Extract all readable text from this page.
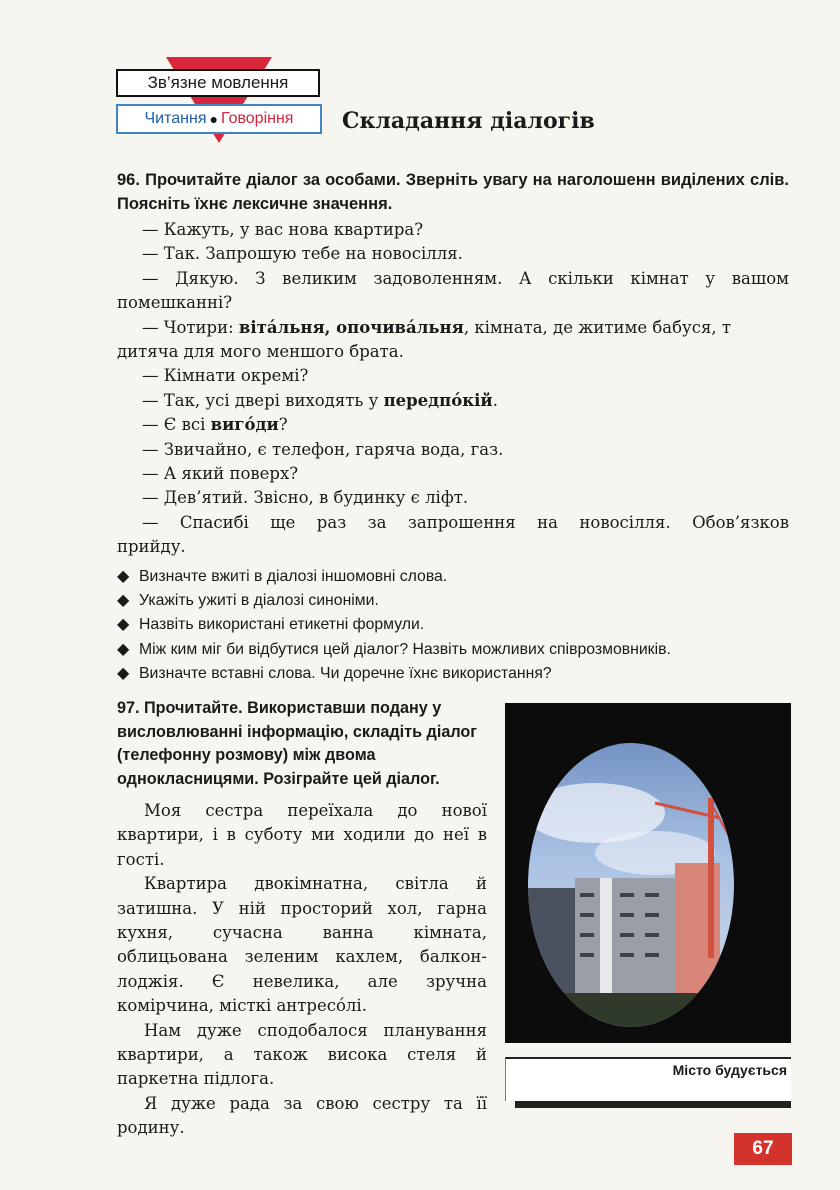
Зв’язне мовлення
Читання ● Говоріння Складання діалогів
96. Прочитайте діалог за особами. Зверніть увагу на наголошенн виділених слів. Поясніть їхнє лексичне значення.
— Кажуть, у вас нова квартира?
— Так. Запрошую тебе на новосілля.
— Дякую. З великим задоволенням. А скільки кімнат у вашом
помешканні?
— Чотири: вітáльня, опочивáльня, кімната, де житиме бабуся, т
дитяча для мого меншого брата.
— Кімнати окремі?
— Так, усі двері виходять у передпóкій.
— Є всі вигóди?
— Звичайно, є телефон, гаряча вода, газ.
— А який поверх?
— Дев’ятий. Звісно, в будинку є ліфт.
— Спасибі ще раз за запрошення на новосілля. Обов’язков
прийду.
◆ Визначте вжиті в діалозі іншомовні слова.
◆ Укажіть ужиті в діалозі синоніми.
◆ Назвіть використані етикетні формули.
◆ Між ким міг би відбутися цей діалог? Назвіть можливих співрозмовників.
◆ Визначте вставні слова. Чи доречне їхнє використання?
97. Прочитайте. Використавши подану у висловлюванні інформацію, складіть діалог (телефонну розмову) між двома однокласницями. Розіграйте цей діалог.

Моя сестра переїхала до нової квартири, і в суботу ми ходили до неї в гості.

Квартира двокімнатна, світла й затишна. У ній просторий хол, гарна кухня, сучасна ванна кімната, облицьована зеленим кахлем, балкон-лоджія. Є невелика, але зручна комірчина, місткі антресóлі.

Нам дуже сподобалося планування квартири, а також висока стеля й паркетна підлога.

Я дуже рада за свою сестру та її родину.

Місто будується
67
